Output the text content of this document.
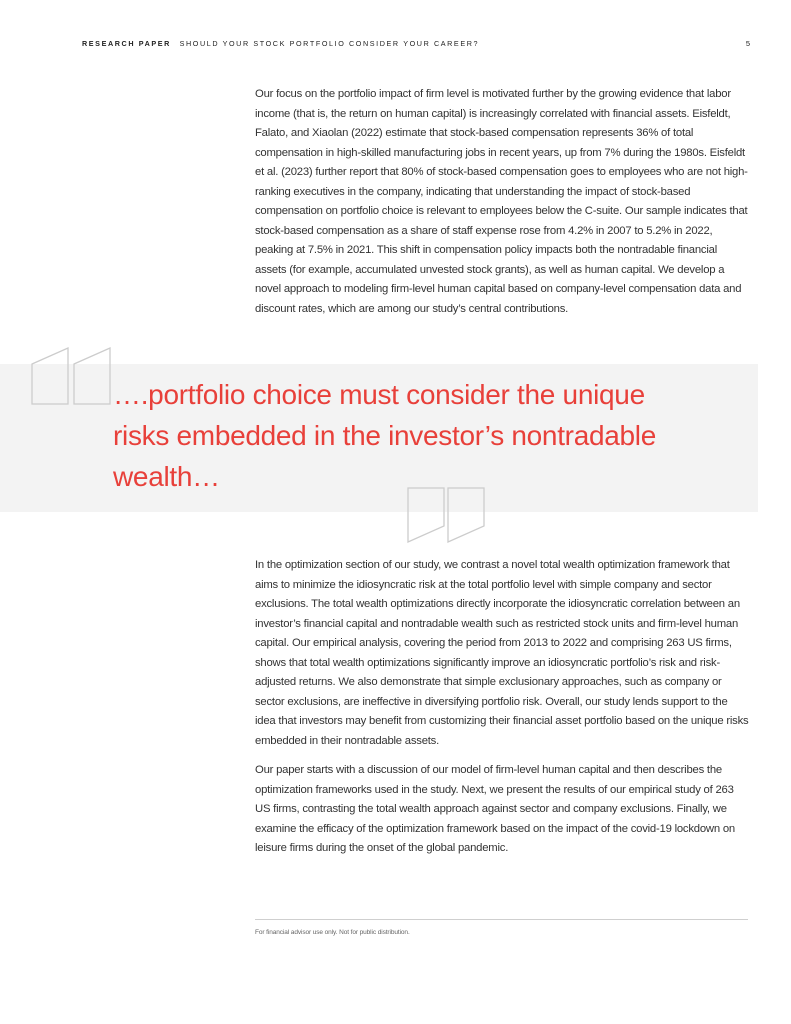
RESEARCH PAPER SHOULD YOUR STOCK PORTFOLIO CONSIDER YOUR CAREER?	5

Our focus on the portfolio impact of firm level is motivated further by the growing evidence that labor income (that is, the return on human capital) is increasingly correlated with financial assets. Eisfeldt, Falato, and Xiaolan (2022) estimate that stock-based compensation represents 36% of total compensation in high-skilled manufacturing jobs in recent years, up from 7% during the 1980s. Eisfeldt et al. (2023) further report that 80% of stock-based compensation goes to employees who are not high-ranking executives in the company, indicating that understanding the impact of stock-based compensation on portfolio choice is relevant to employees below the C-suite. Our sample indicates that stock-based compensation as a share of staff expense rose from 4.2% in 2007 to 5.2% in 2022, peaking at 7.5% in 2021. This shift in compensation policy impacts both the nontradable financial assets (for example, accumulated unvested stock grants), as well as human capital. We develop a novel approach to modeling firm-level human capital based on company-level compensation data and discount rates, which are among our study’s central contributions.

….portfolio choice must consider the unique risks embedded in the investor’s nontradable wealth…

In the optimization section of our study, we contrast a novel total wealth optimization framework that aims to minimize the idiosyncratic risk at the total portfolio level with simple company and sector exclusions. The total wealth optimizations directly incorporate the idiosyncratic correlation between an investor’s financial capital and nontradable wealth such as restricted stock units and firm-level human capital. Our empirical analysis, covering the period from 2013 to 2022 and comprising 263 US firms, shows that total wealth optimizations significantly improve an idiosyncratic portfolio’s risk and risk-adjusted returns. We also demonstrate that simple exclusionary approaches, such as company or sector exclusions, are ineffective in diversifying portfolio risk. Overall, our study lends support to the idea that investors may benefit from customizing their financial asset portfolio based on the unique risks embedded in their nontradable assets.

Our paper starts with a discussion of our model of firm-level human capital and then describes the optimization frameworks used in the study. Next, we present the results of our empirical study of 263 US firms, contrasting the total wealth approach against sector and company exclusions. Finally, we examine the efficacy of the optimization framework based on the impact of the covid-19 lockdown on leisure firms during the onset of the global pandemic.

For financial advisor use only. Not for public distribution.
